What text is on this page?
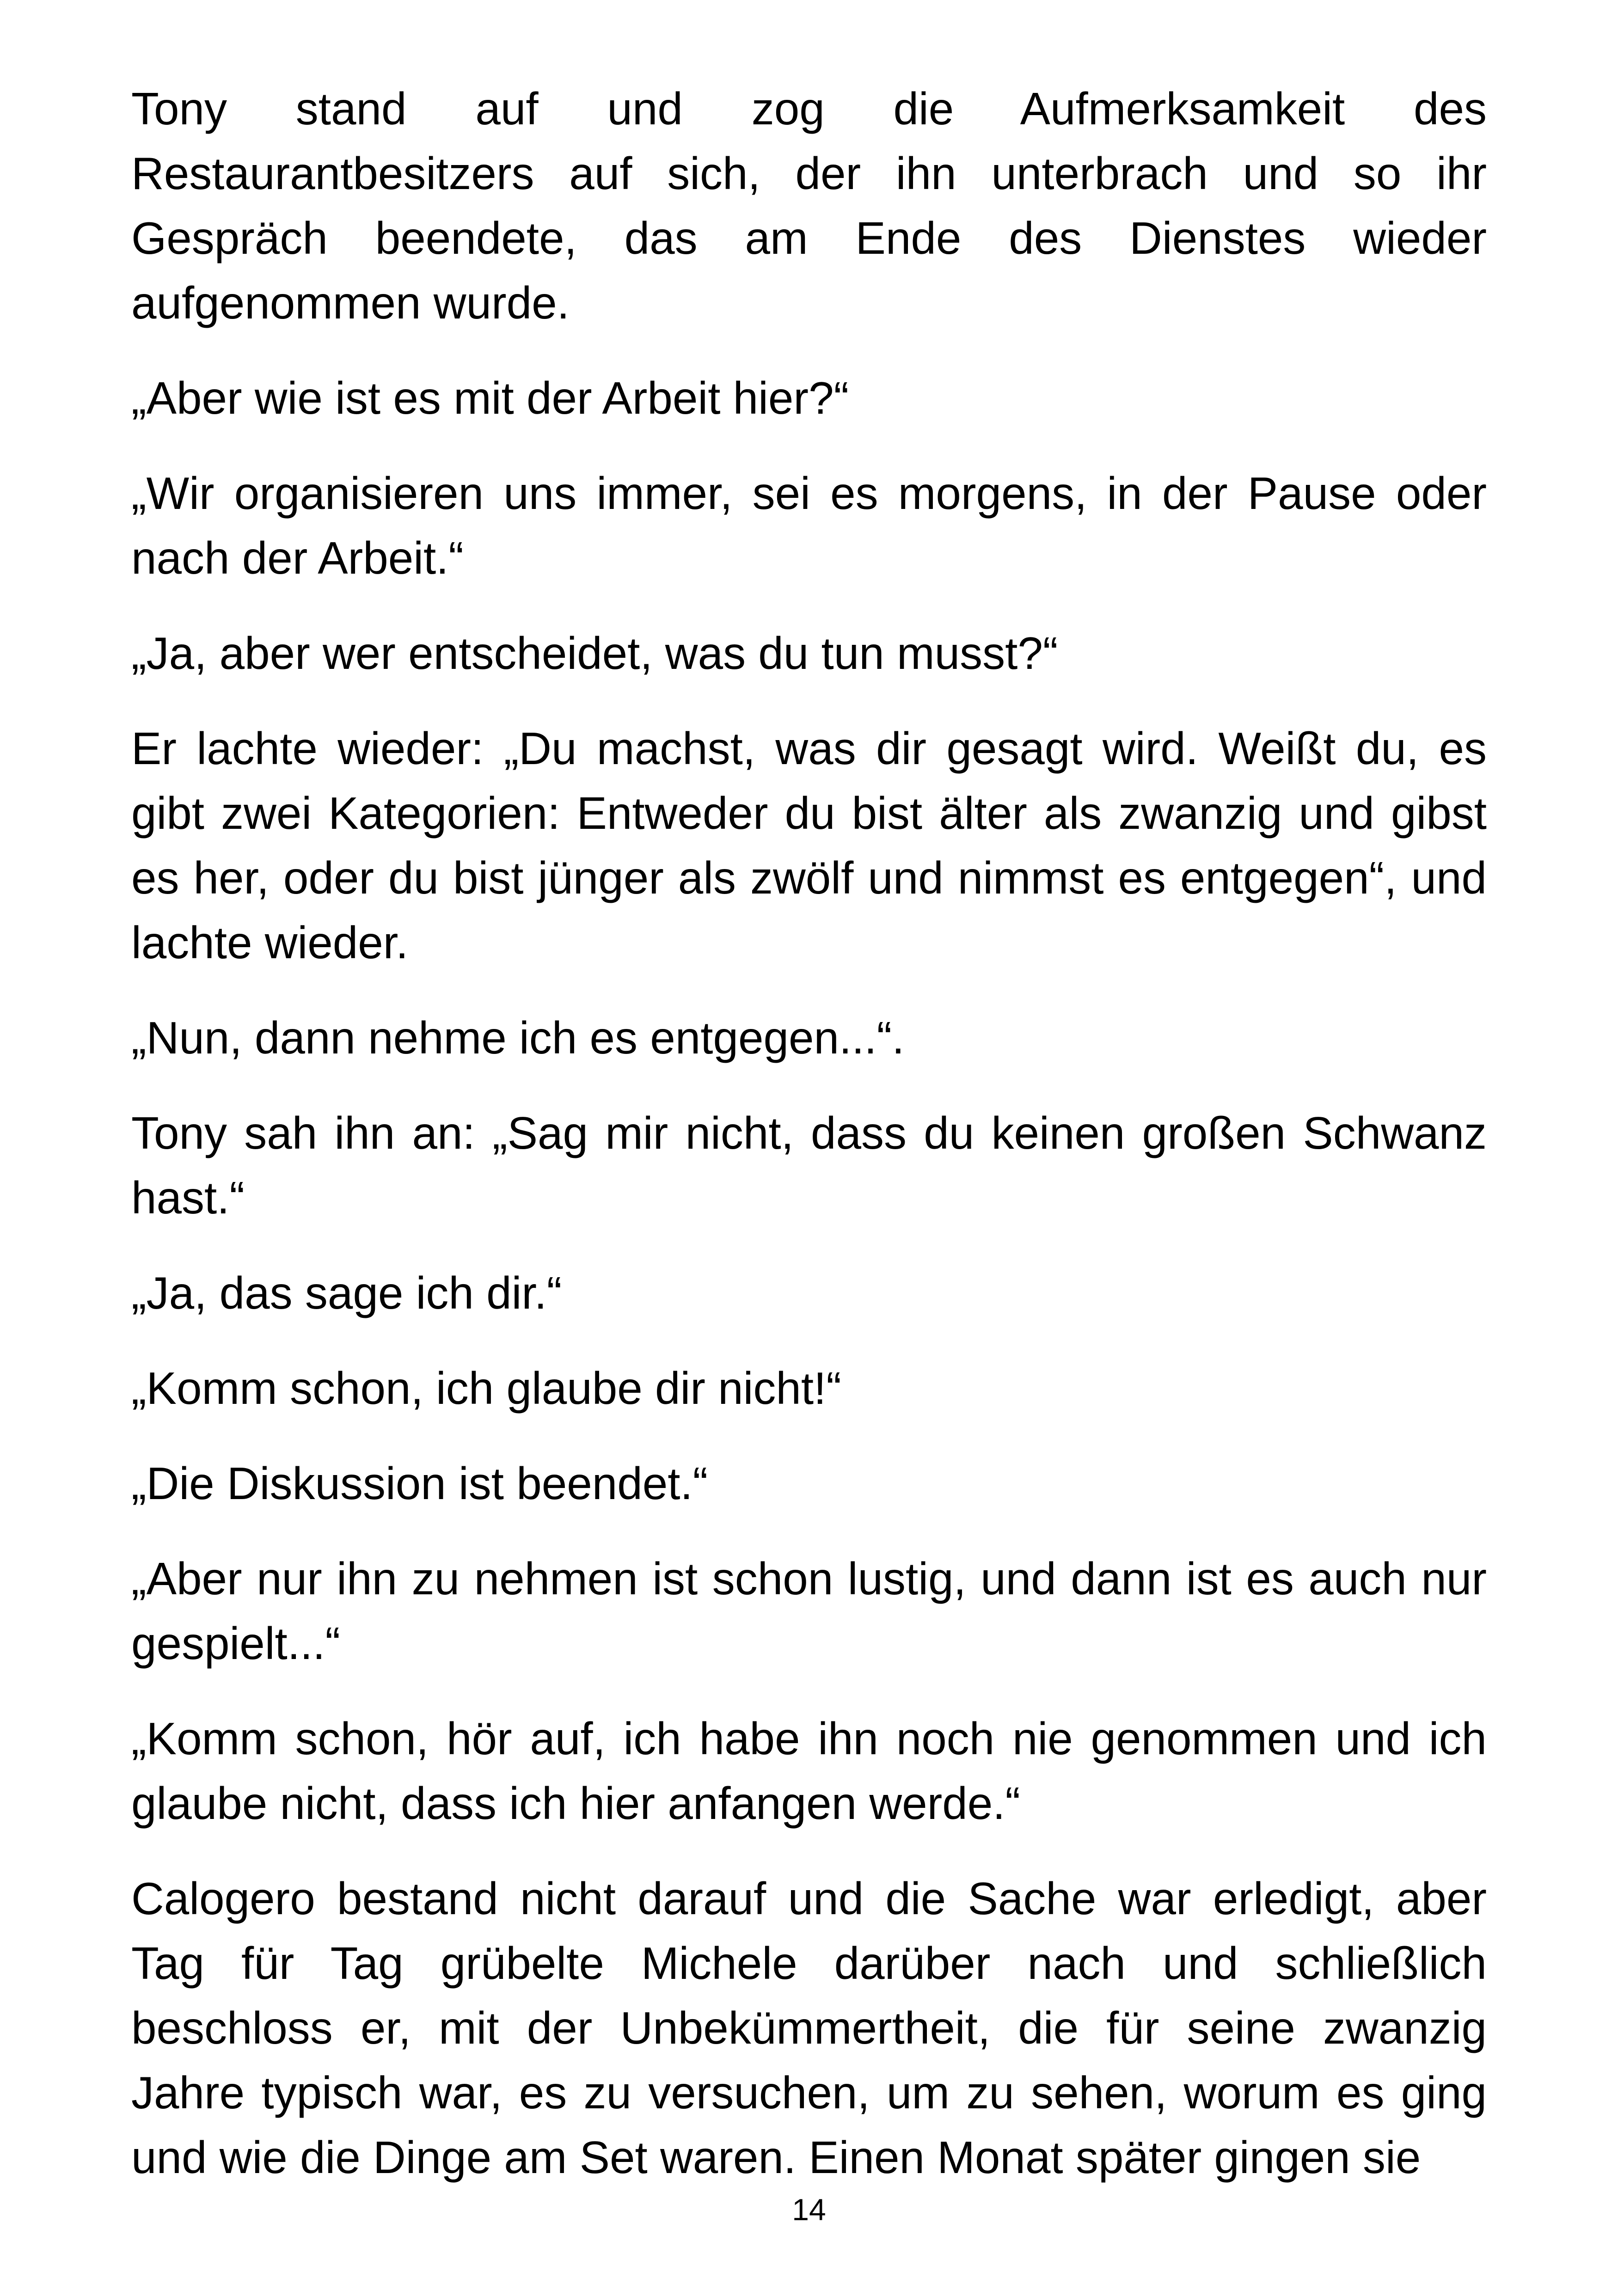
Tony stand auf und zog die Aufmerksamkeit des Restaurantbesitzers auf sich, der ihn unterbrach und so ihr Gespräch beendete, das am Ende des Dienstes wieder aufgenommen wurde.

„Aber wie ist es mit der Arbeit hier?“

„Wir organisieren uns immer, sei es morgens, in der Pause oder nach der Arbeit.“

„Ja, aber wer entscheidet, was du tun musst?“

Er lachte wieder: „Du machst, was dir gesagt wird. Weißt du, es gibt zwei Kategorien: Entweder du bist älter als zwanzig und gibst es her, oder du bist jünger als zwölf und nimmst es entgegen“, und lachte wieder.

„Nun, dann nehme ich es entgegen...“.

Tony sah ihn an: „Sag mir nicht, dass du keinen großen Schwanz hast.“

„Ja, das sage ich dir.“

„Komm schon, ich glaube dir nicht!“

„Die Diskussion ist beendet.“

„Aber nur ihn zu nehmen ist schon lustig, und dann ist es auch nur gespielt...“

„Komm schon, hör auf, ich habe ihn noch nie genommen und ich glaube nicht, dass ich hier anfangen werde.“

Calogero bestand nicht darauf und die Sache war erledigt, aber Tag für Tag grübelte Michele darüber nach und schließlich beschloss er, mit der Unbekümmertheit, die für seine zwanzig Jahre typisch war, es zu versuchen, um zu sehen, worum es ging und wie die Dinge am Set waren. Einen Monat später gingen sie

14
